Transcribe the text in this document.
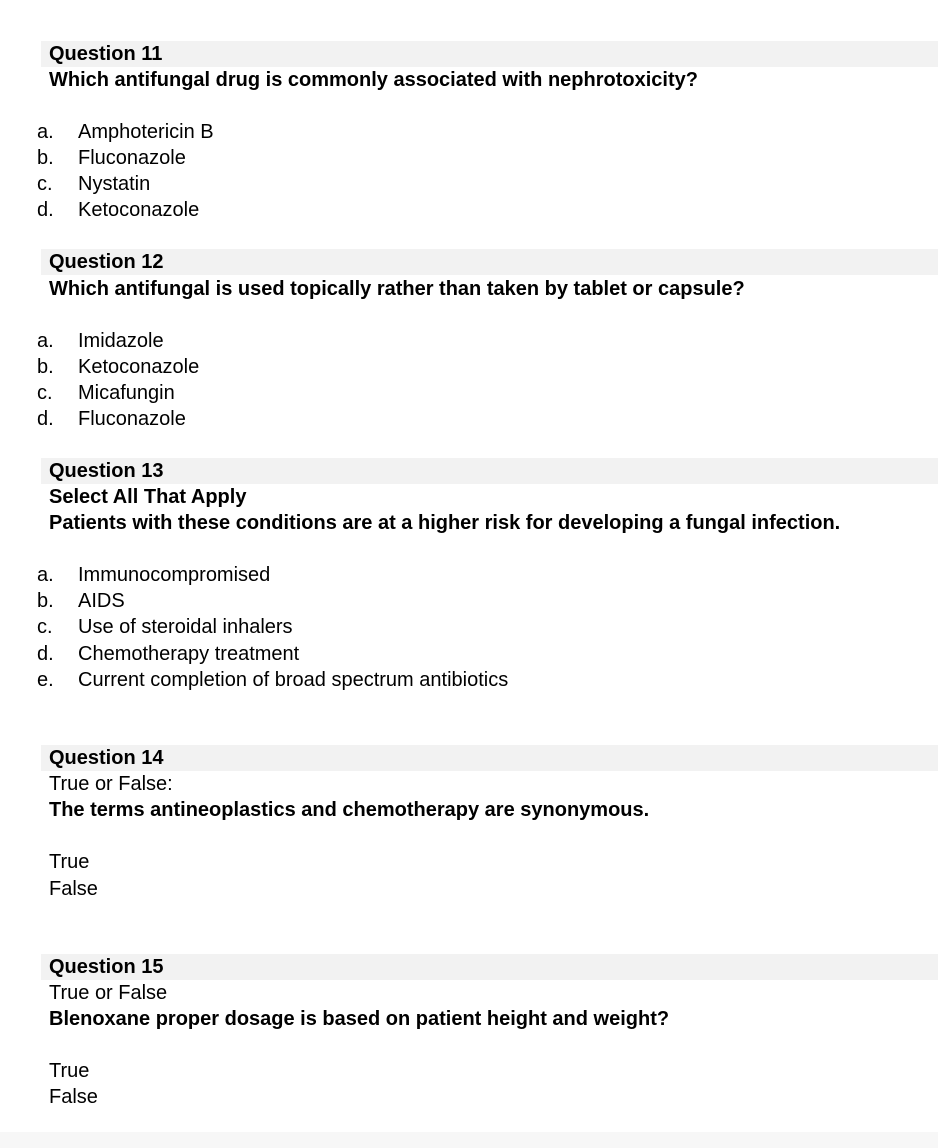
Question 11
Which antifungal drug is commonly associated with nephrotoxicity?
a. Amphotericin B
b. Fluconazole
c. Nystatin
d. Ketoconazole
Question 12
Which antifungal is used topically rather than taken by tablet or capsule?
a. Imidazole
b. Ketoconazole
c. Micafungin
d. Fluconazole
Question 13
Select All That Apply
Patients with these conditions are at a higher risk for developing a fungal infection.
a. Immunocompromised
b. AIDS
c. Use of steroidal inhalers
d. Chemotherapy treatment
e. Current completion of broad spectrum antibiotics
Question 14
True or False:
The terms antineoplastics and chemotherapy are synonymous.
True
False
Question 15
True or False
Blenoxane proper dosage is based on patient height and weight?
True
False
